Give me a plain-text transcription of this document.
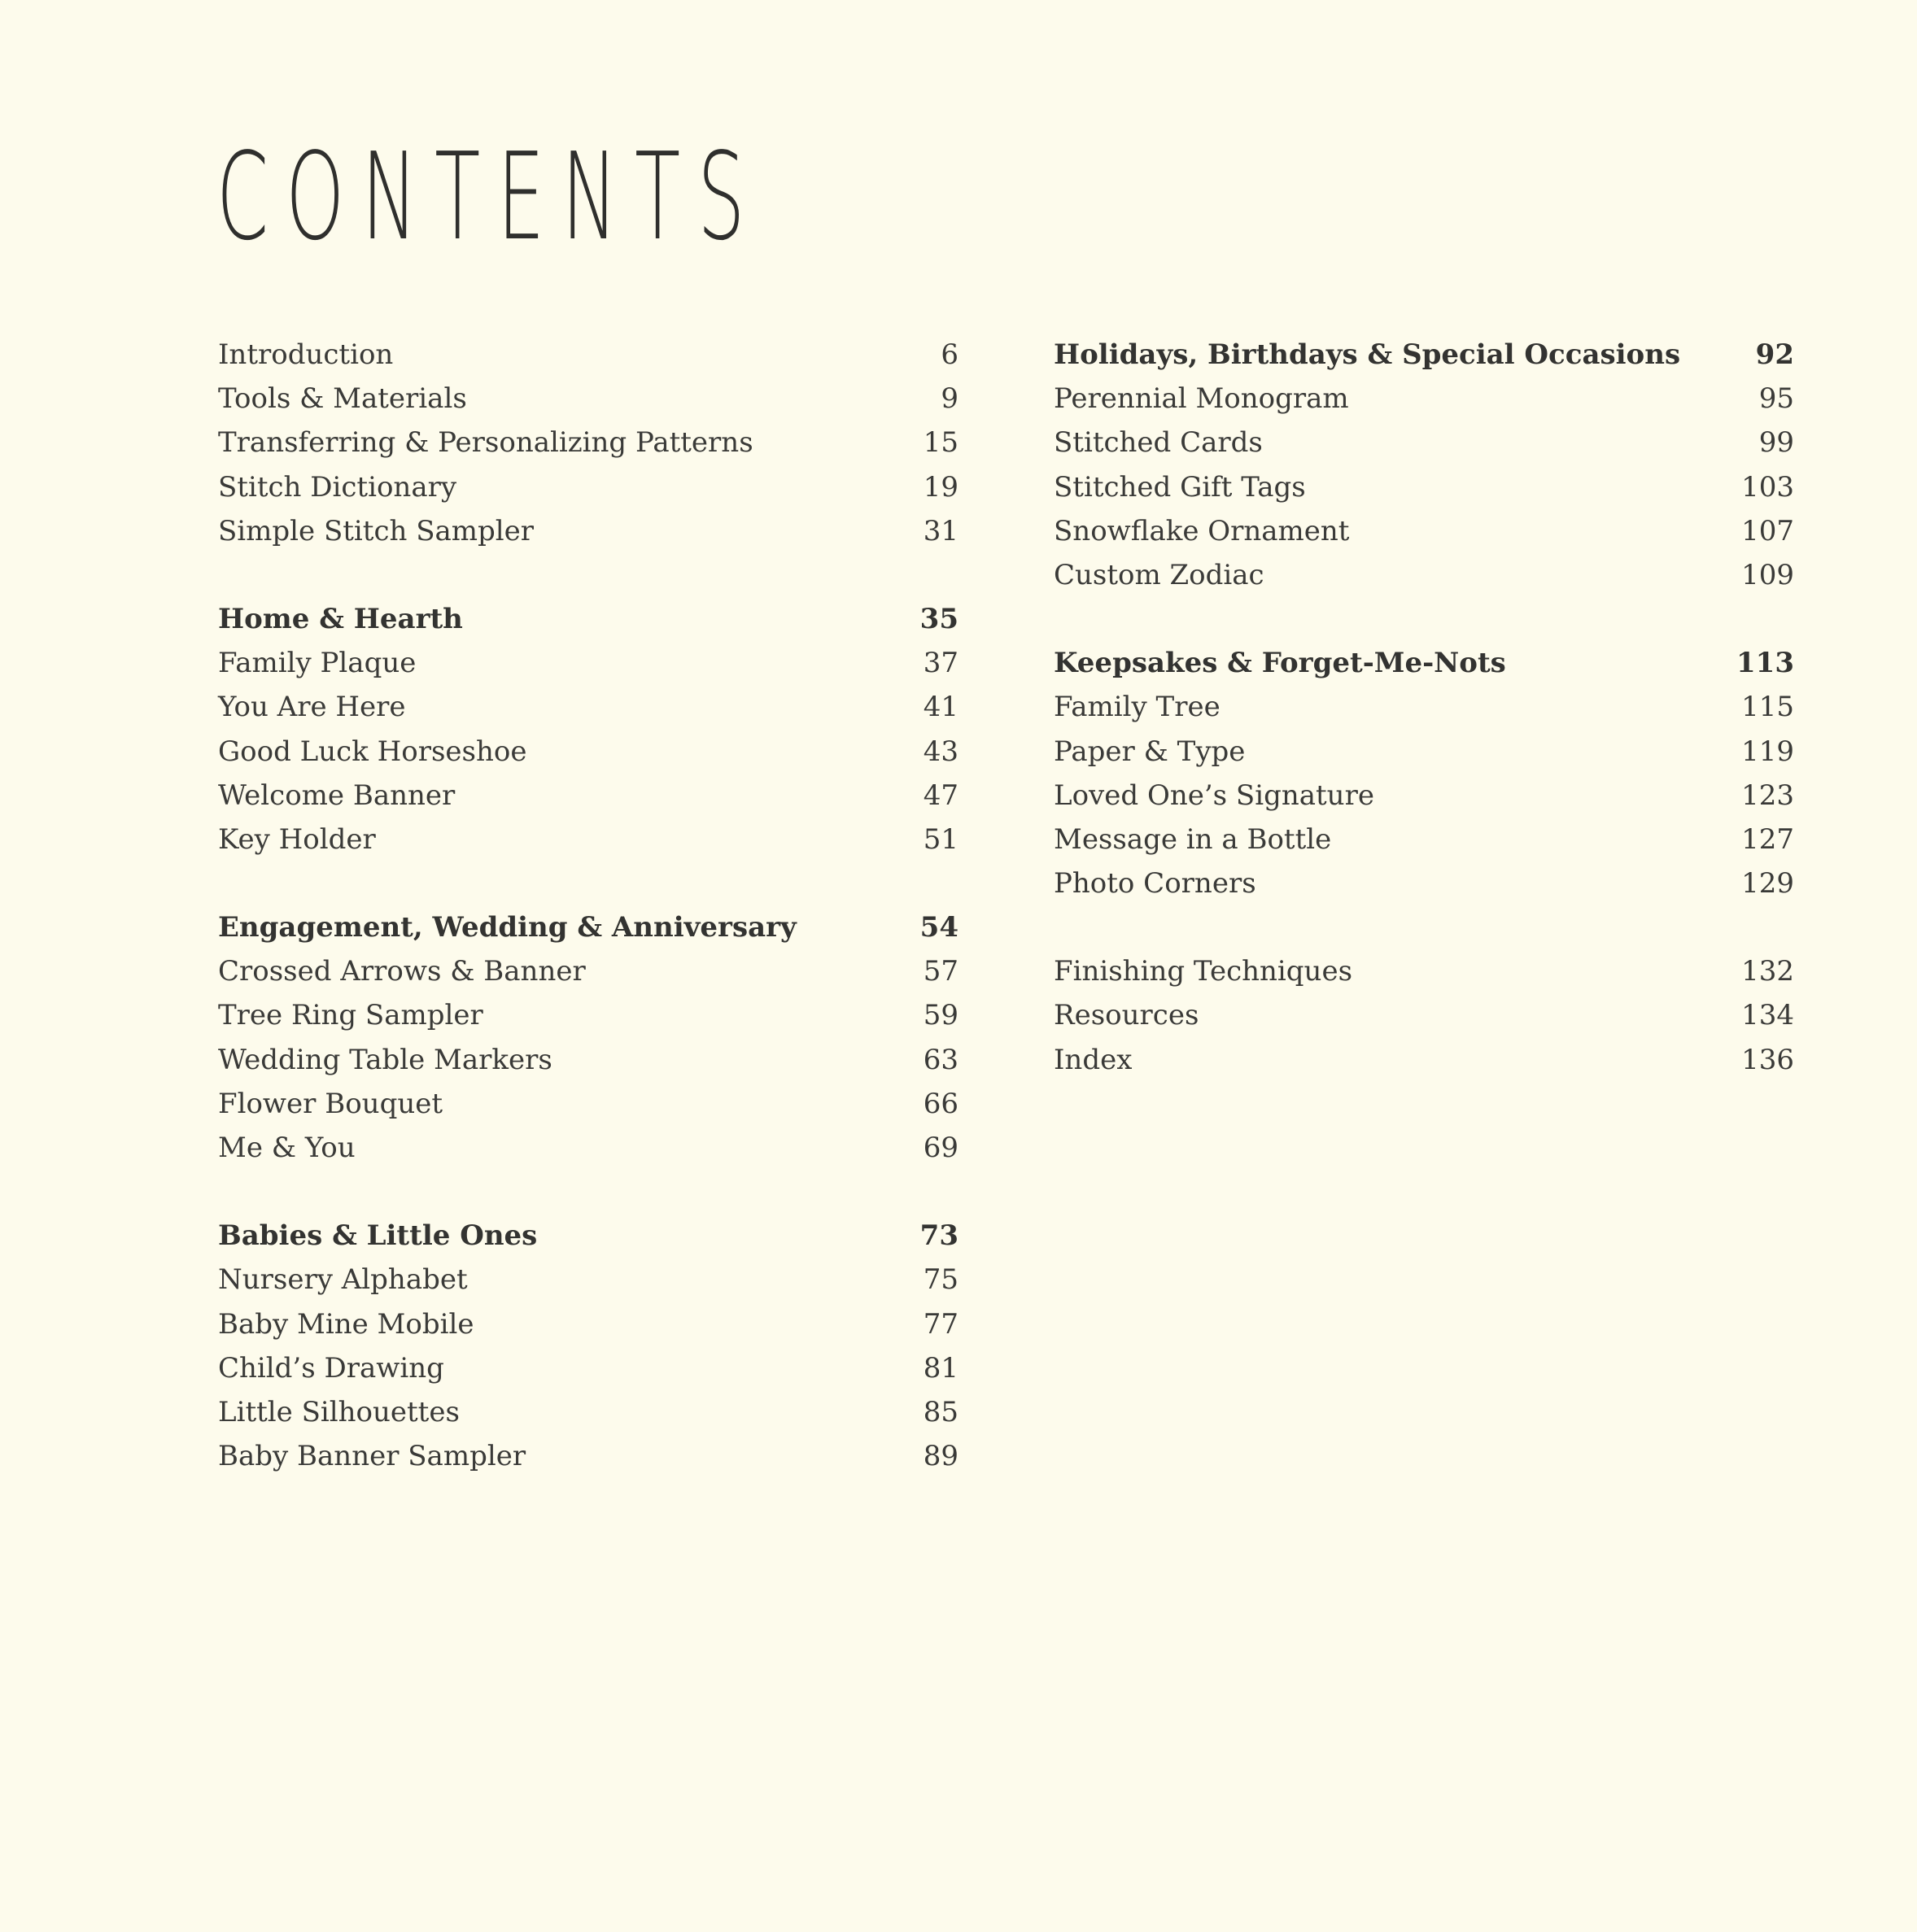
CONTENTS
Introduction	6
Tools & Materials	9
Transferring & Personalizing Patterns	15
Stitch Dictionary	19
Simple Stitch Sampler	31
Home & Hearth	35
Family Plaque	37
You Are Here	41
Good Luck Horseshoe	43
Welcome Banner	47
Key Holder	51
Engagement, Wedding & Anniversary	54
Crossed Arrows & Banner	57
Tree Ring Sampler	59
Wedding Table Markers	63
Flower Bouquet	66
Me & You	69
Babies & Little Ones	73
Nursery Alphabet	75
Baby Mine Mobile	77
Child’s Drawing	81
Little Silhouettes	85
Baby Banner Sampler	89
Holidays, Birthdays & Special Occasions	92
Perennial Monogram	95
Stitched Cards	99
Stitched Gift Tags	103
Snowflake Ornament	107
Custom Zodiac	109
Keepsakes & Forget-Me-Nots	113
Family Tree	115
Paper & Type	119
Loved One’s Signature	123
Message in a Bottle	127
Photo Corners	129
Finishing Techniques	132
Resources	134
Index	136
